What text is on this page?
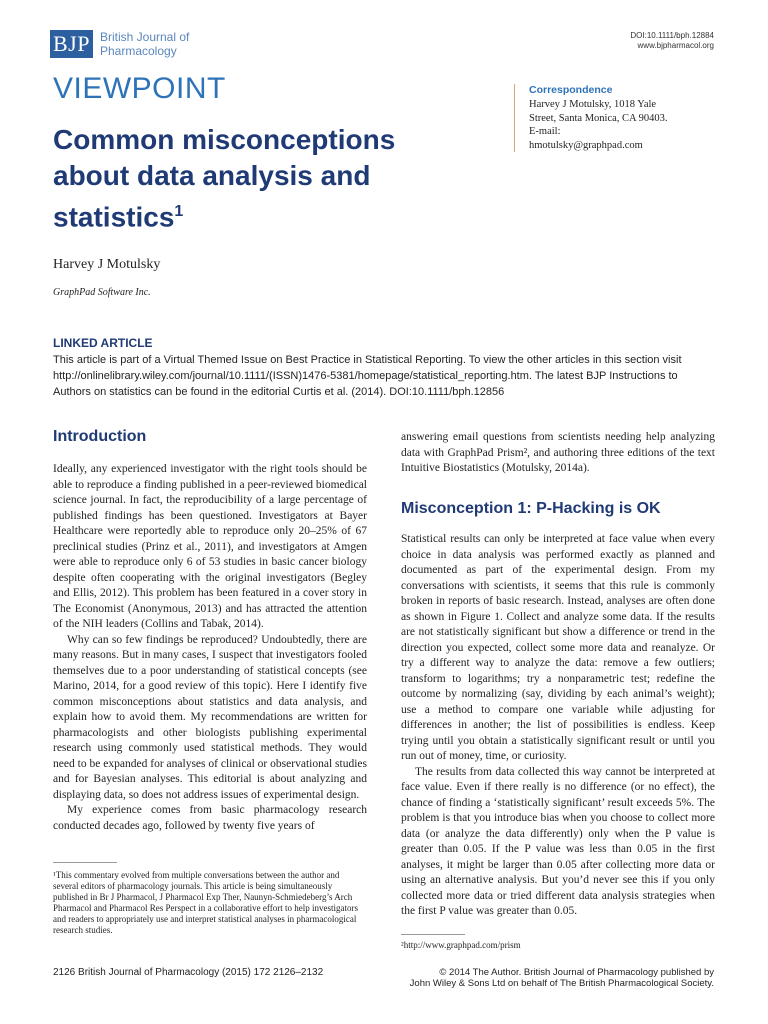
BJP British Journal of
Pharmacology
DOI:10.1111/bph.12884
www.bjpharmacol.org
VIEWPOINT
Common misconceptions about data analysis and statistics$^1$
Harvey J Motulsky
GraphPad Software Inc.
Correspondence
Harvey J Motulsky, 1018 Yale
Street, Santa Monica, CA 90403.
E-mail:
hmotulsky@graphpad.com
LINKED ARTICLE
This article is part of a Virtual Themed Issue on Best Practice in Statistical Reporting. To view the other articles in this section visit http://onlinelibrary.wiley.com/journal/10.1111/(ISSN)1476-5381/homepage/statistical_reporting.htm. The latest BJP Instructions to Authors on statistics can be found in the editorial Curtis et al. (2014). DOI:10.1111/bph.12856
Introduction

Ideally, any experienced investigator with the right tools should be able to reproduce a finding published in a peer-reviewed biomedical science journal. In fact, the reproducibility of a large percentage of published findings has been questioned. Investigators at Bayer Healthcare were reportedly able to reproduce only 20–25% of 67 preclinical studies (Prinz et al., 2011), and investigators at Amgen were able to reproduce only 6 of 53 studies in basic cancer biology despite often cooperating with the original investigators (Begley and Ellis, 2012). This problem has been featured in a cover story in The Economist (Anonymous, 2013) and has attracted the attention of the NIH leaders (Collins and Tabak, 2014).

Why can so few findings be reproduced? Undoubtedly, there are many reasons. But in many cases, I suspect that investigators fooled themselves due to a poor understanding of statistical concepts (see Marino, 2014, for a good review of this topic). Here I identify five common misconceptions about statistics and data analysis, and explain how to avoid them. My recommendations are written for pharmacologists and other biologists publishing experimental research using commonly used statistical methods. They would need to be expanded for analyses of clinical or observational studies and for Bayesian analyses. This editorial is about analyzing and displaying data, so does not address issues of experimental design.

My experience comes from basic pharmacology research conducted decades ago, followed by twenty five years of

answering email questions from scientists needing help analyzing data with GraphPad Prism², and authoring three editions of the text Intuitive Biostatistics (Motulsky, 2014a).

Misconception 1: P-Hacking is OK

Statistical results can only be interpreted at face value when every choice in data analysis was performed exactly as planned and documented as part of the experimental design. From my conversations with scientists, it seems that this rule is commonly broken in reports of basic research. Instead, analyses are often done as shown in Figure 1. Collect and analyze some data. If the results are not statistically significant but show a difference or trend in the direction you expected, collect some more data and reanalyze. Or try a different way to analyze the data: remove a few outliers; transform to logarithms; try a nonparametric test; redefine the outcome by normalizing (say, dividing by each animal’s weight); use a method to compare one variable while adjusting for differences in another; the list of possibilities is endless. Keep trying until you obtain a statistically significant result or until you run out of money, time, or curiosity.

The results from data collected this way cannot be interpreted at face value. Even if there really is no difference (or no effect), the chance of finding a ‘statistically significant’ result exceeds 5%. The problem is that you introduce bias when you choose to collect more data (or analyze the data differently) only when the P value is greater than 0.05. If the P value was less than 0.05 in the first analyses, it might be larger than 0.05 after collecting more data or using an alternative analysis. But you’d never see this if you only collected more data or tried different data analysis strategies when the first P value was greater than 0.05.

¹This commentary evolved from multiple conversations between the author and several editors of pharmacology journals. This article is being simultaneously published in Br J Pharmacol, J Pharmacol Exp Ther, Naunyn-Schmiedeberg’s Arch Pharmacol and Pharmacol Res Perspect in a collaborative effort to help investigators and readers to appropriately use and interpret statistical analyses in pharmacological research studies.
²http://www.graphpad.com/prism
2126 British Journal of Pharmacology (2015) 172 2126–2132	© 2014 The Author. British Journal of Pharmacology published by
John Wiley & Sons Ltd on behalf of The British Pharmacological Society.
